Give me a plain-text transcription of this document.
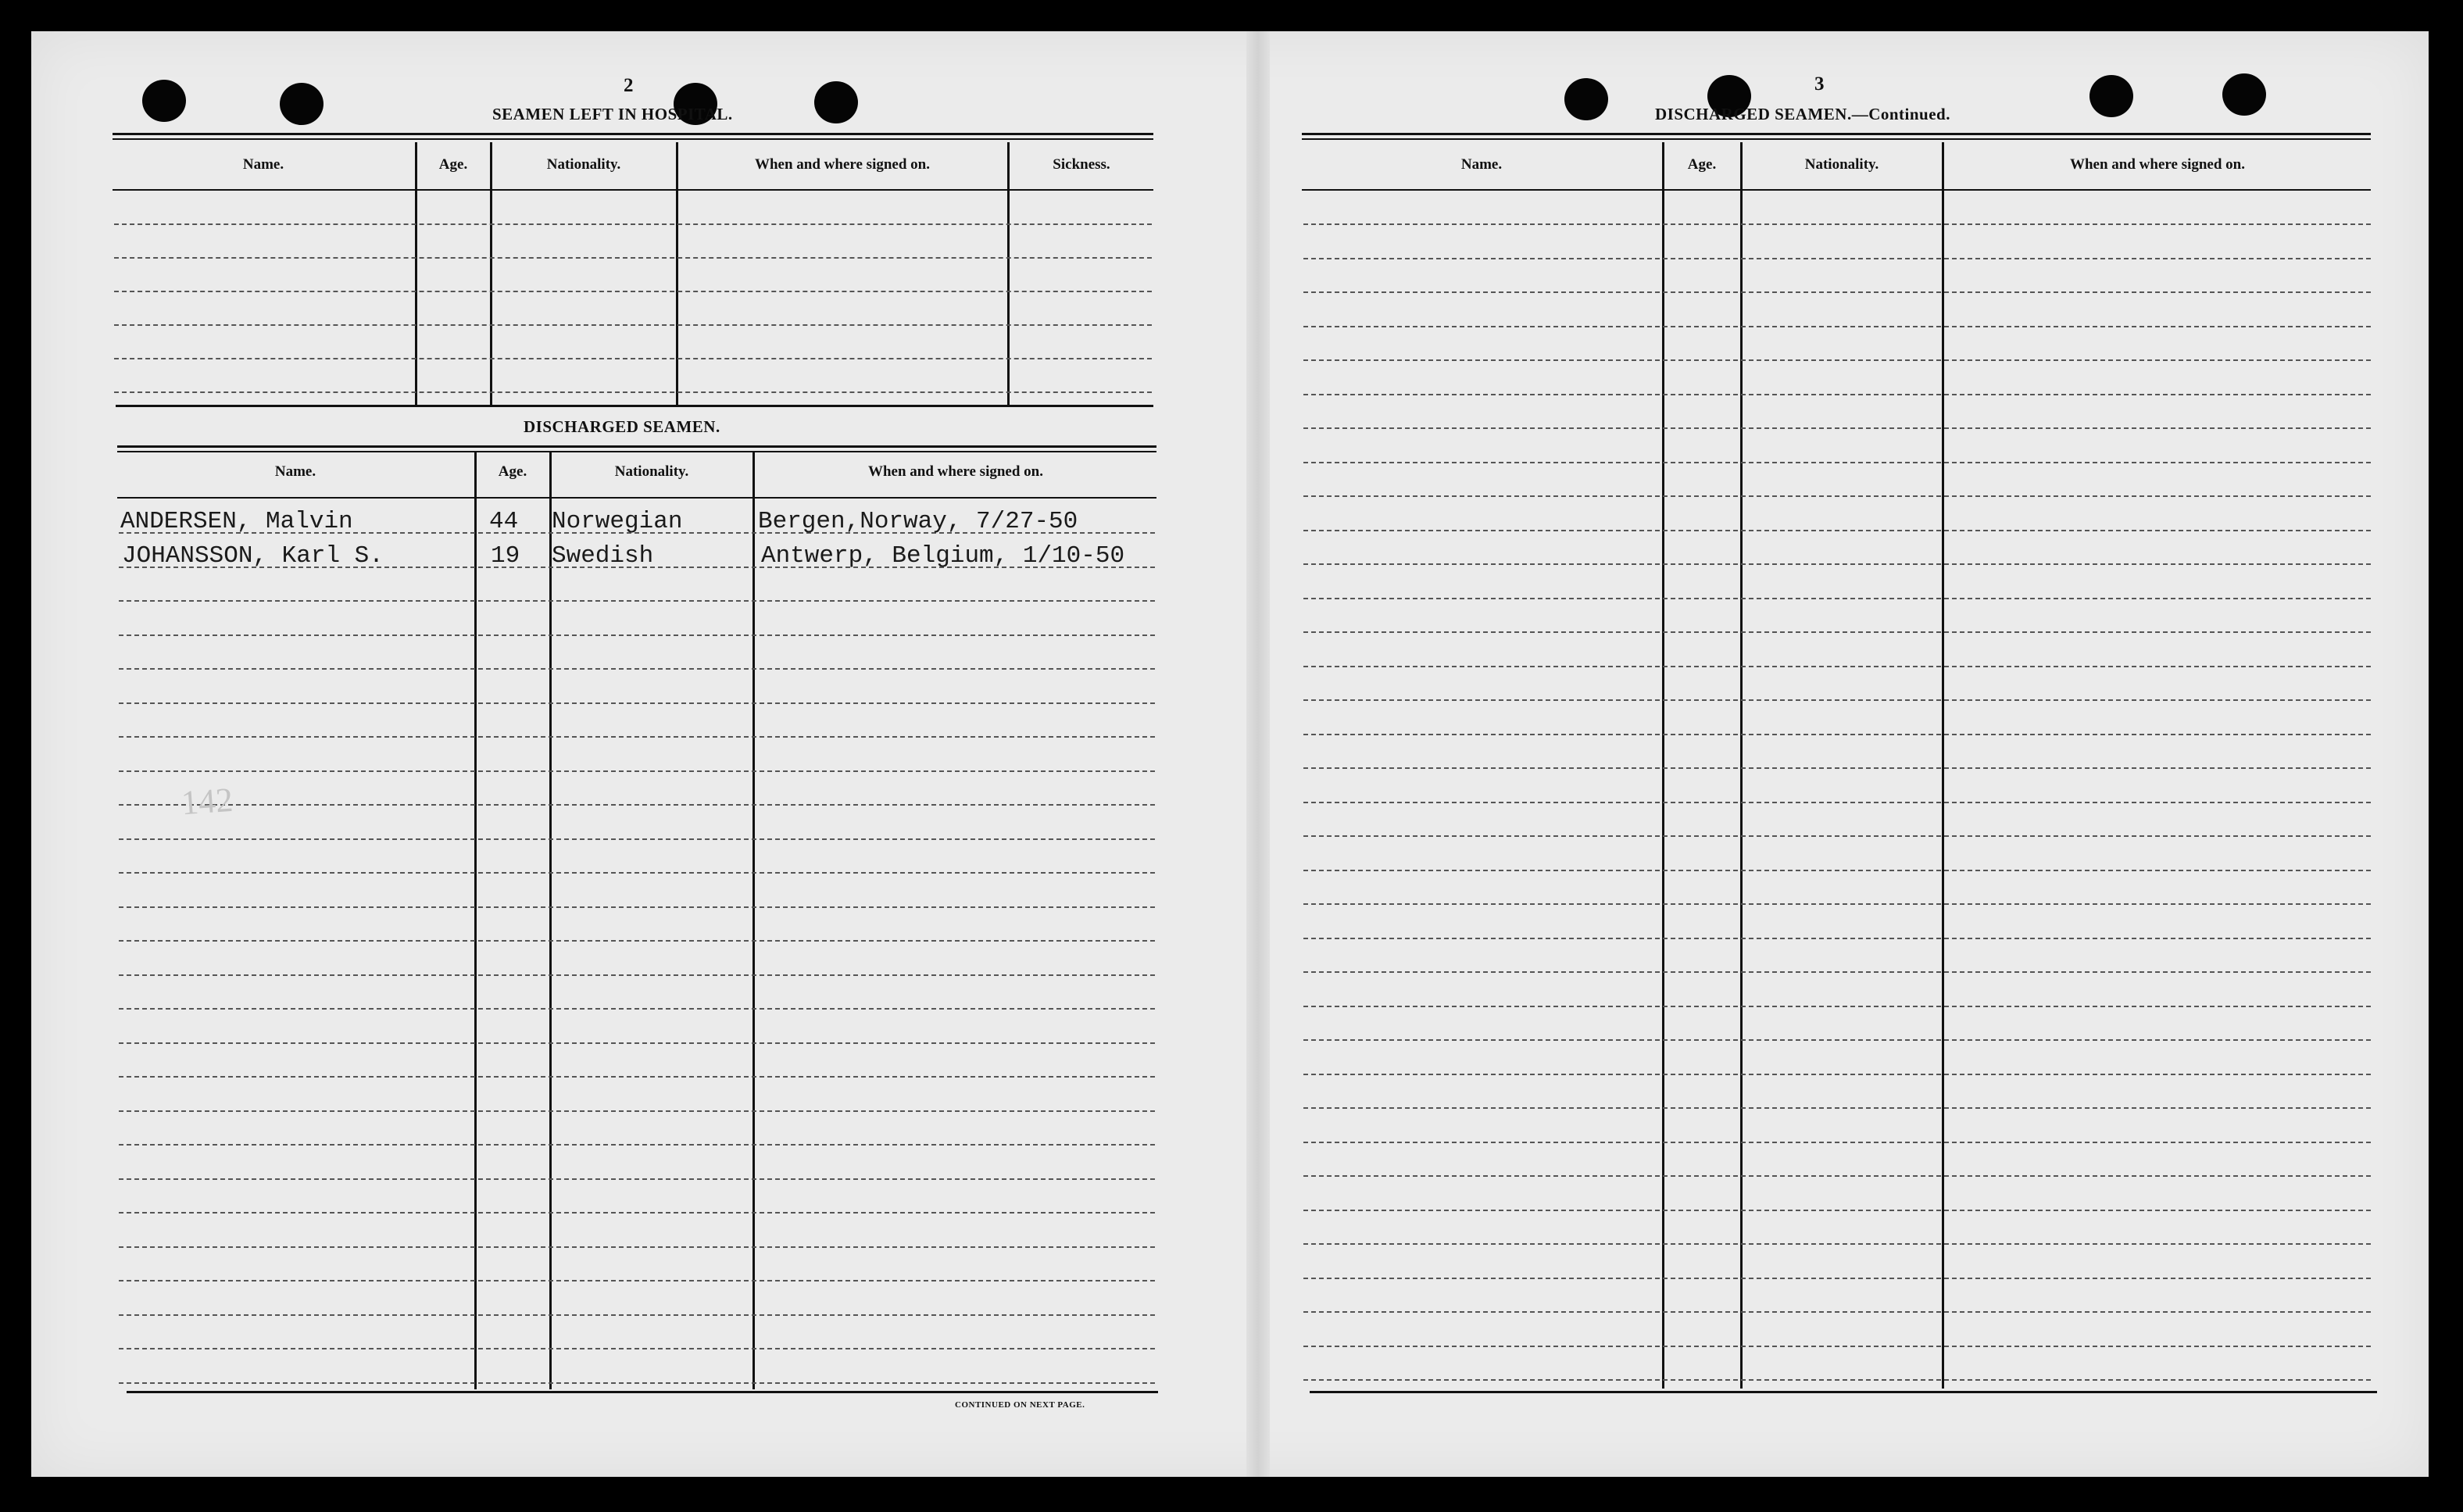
2
SEAMEN LEFT IN HOSPITAL.
Name.	Age.	Nationality.	When and where signed on.	Sickness.
DISCHARGED SEAMEN.
Name.	Age.	Nationality.	When and where signed on.
ANDERSEN, Malvin	44 Norwegian	Bergen,Norway, 7/27-50
JOHANSSON, Karl S.	19 Swedish	Antwerp, Belgium, 1/10-50
142
CONTINUED ON NEXT PAGE.
3
DISCHARGED SEAMEN.—Continued.
Name.	Age.	Nationality.	When and where signed on.
